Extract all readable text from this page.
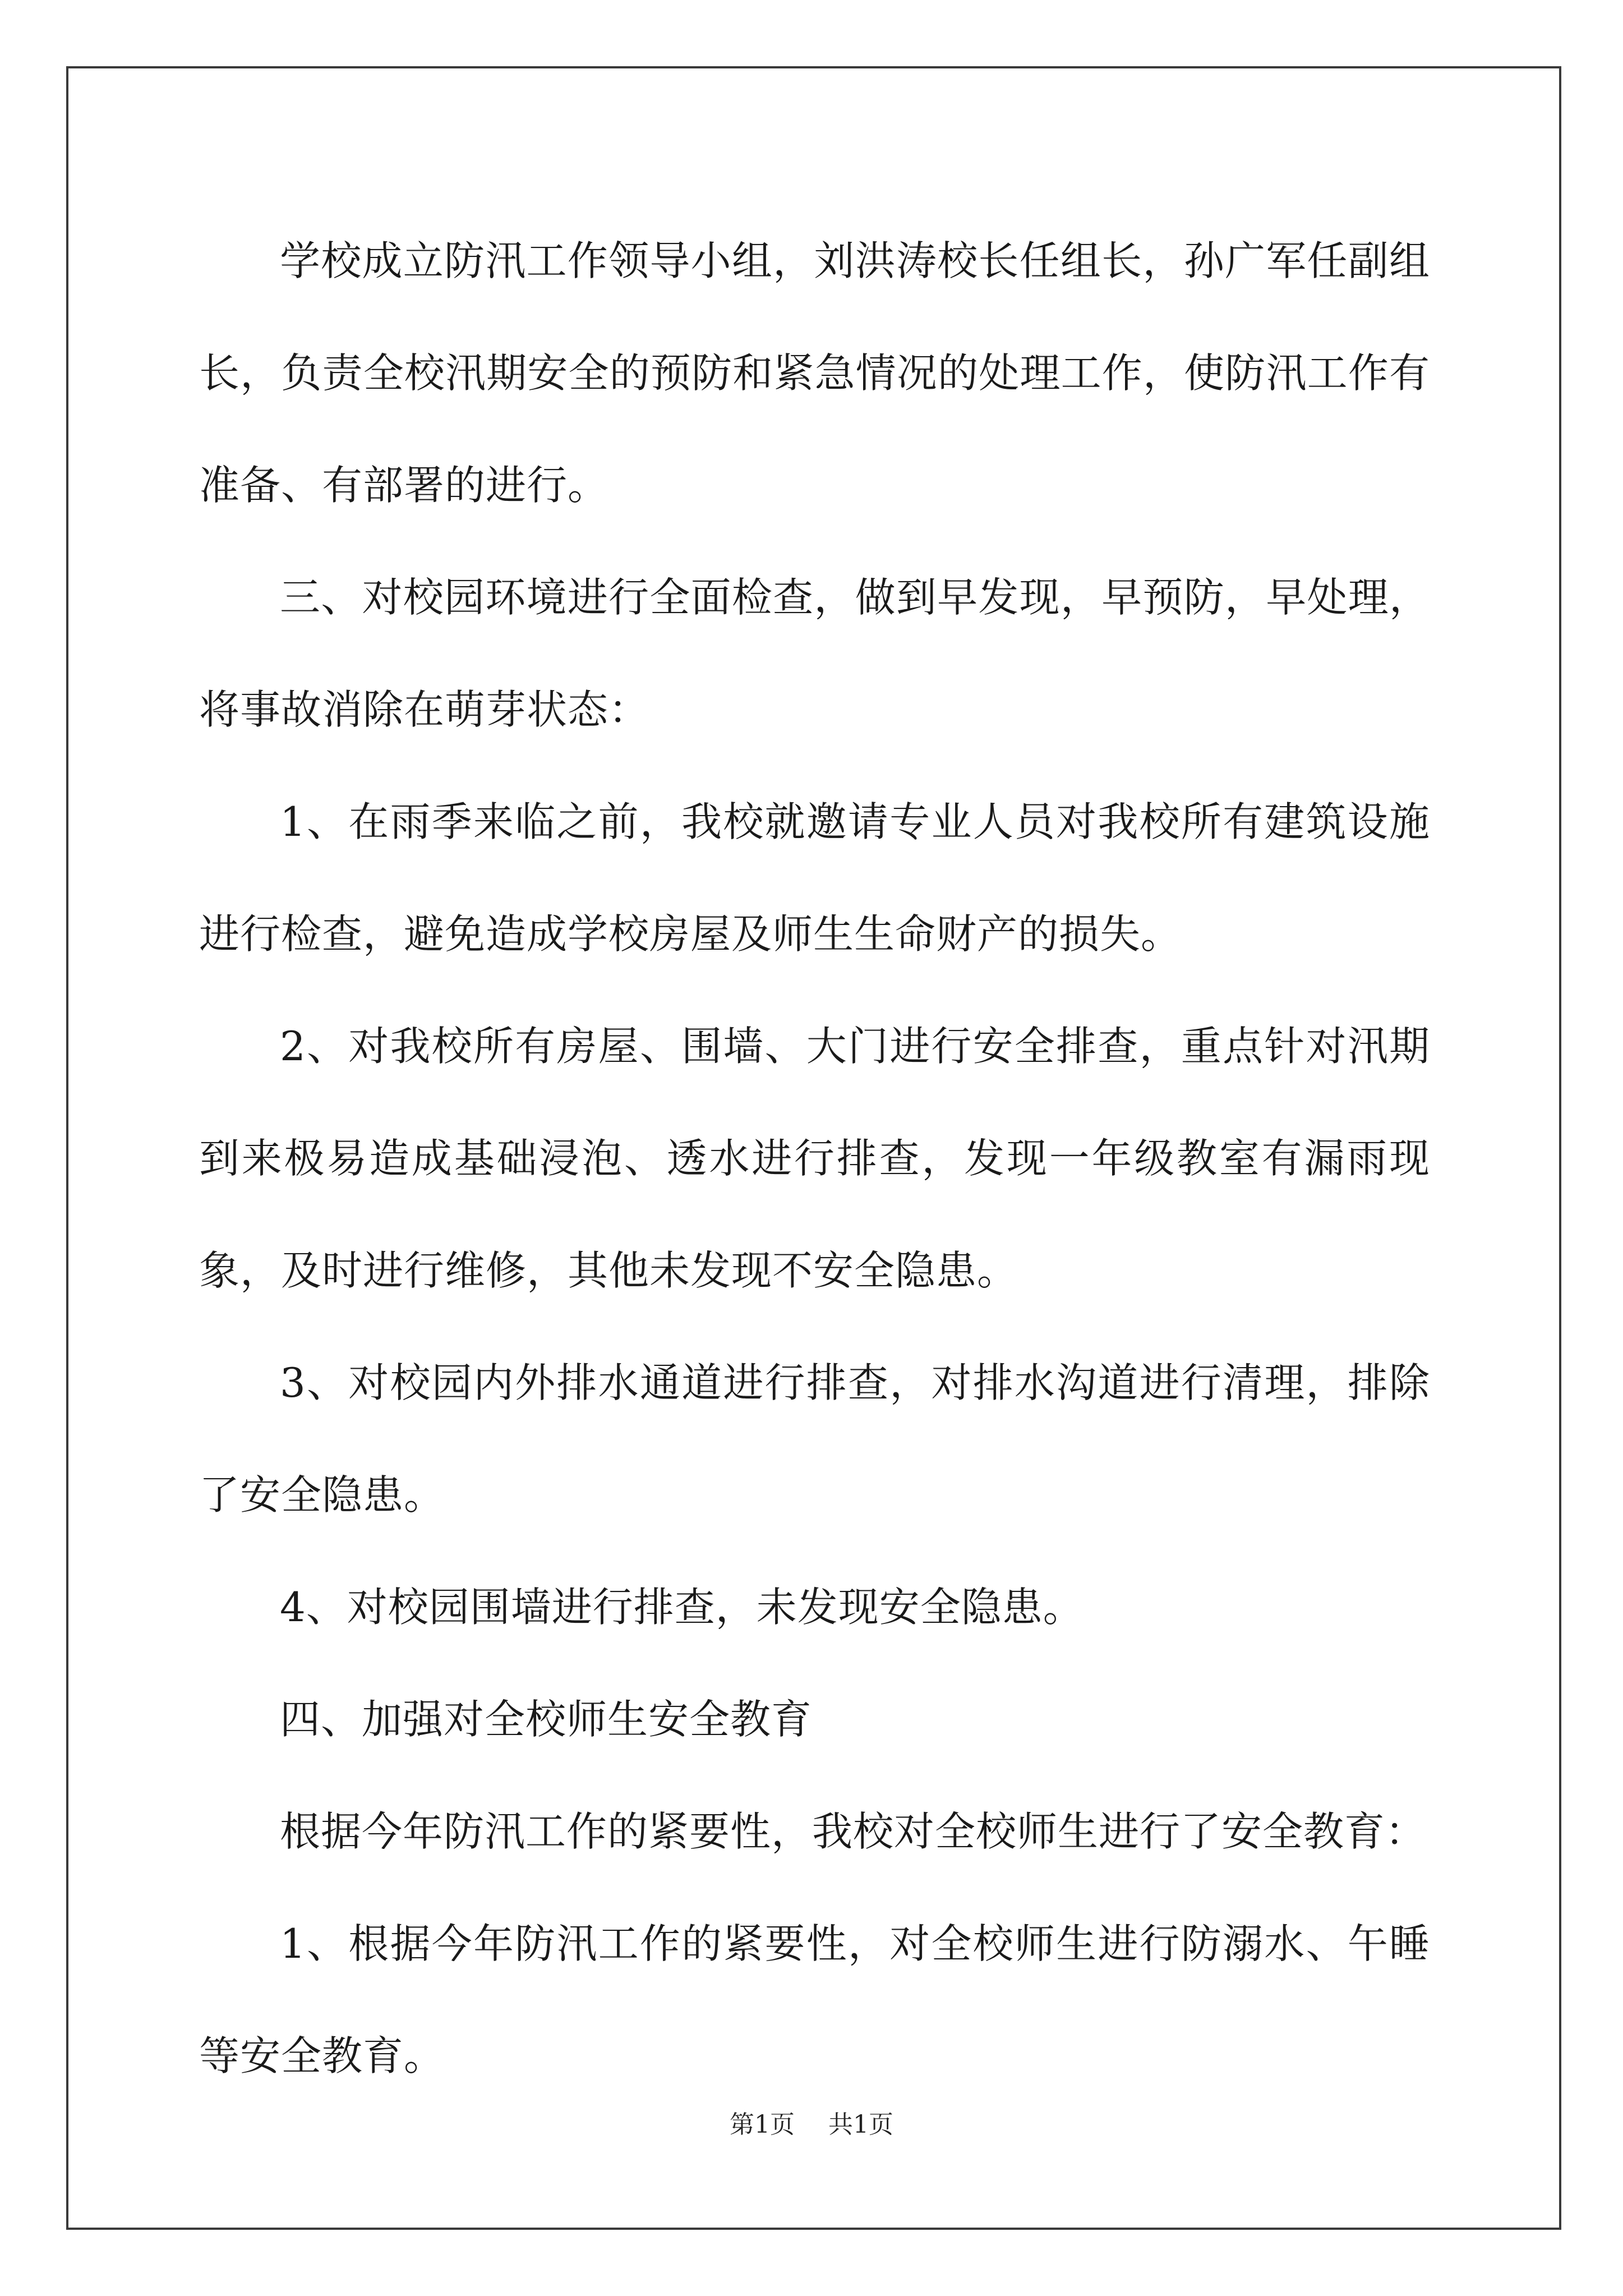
学校成立防汛工作领导小组，刘洪涛校长任组长，孙广军任副组长，负责全校汛期安全的预防和紧急情况的处理工作，使防汛工作有准备、有部署的进行。

三、对校园环境进行全面检查，做到早发现，早预防，早处理，将事故消除在萌芽状态：

1、在雨季来临之前，我校就邀请专业人员对我校所有建筑设施进行检查，避免造成学校房屋及师生生命财产的损失。

2、对我校所有房屋、围墙、大门进行安全排查，重点针对汛期到来极易造成基础浸泡、透水进行排查，发现一年级教室有漏雨现象，及时进行维修，其他未发现不安全隐患。

3、对校园内外排水通道进行排查，对排水沟道进行清理，排除了安全隐患。

4、对校园围墙进行排查，未发现安全隐患。

四、加强对全校师生安全教育

根据今年防汛工作的紧要性，我校对全校师生进行了安全教育：

1、根据今年防汛工作的紧要性，对全校师生进行防溺水、午睡等安全教育。

第1页 共1页
